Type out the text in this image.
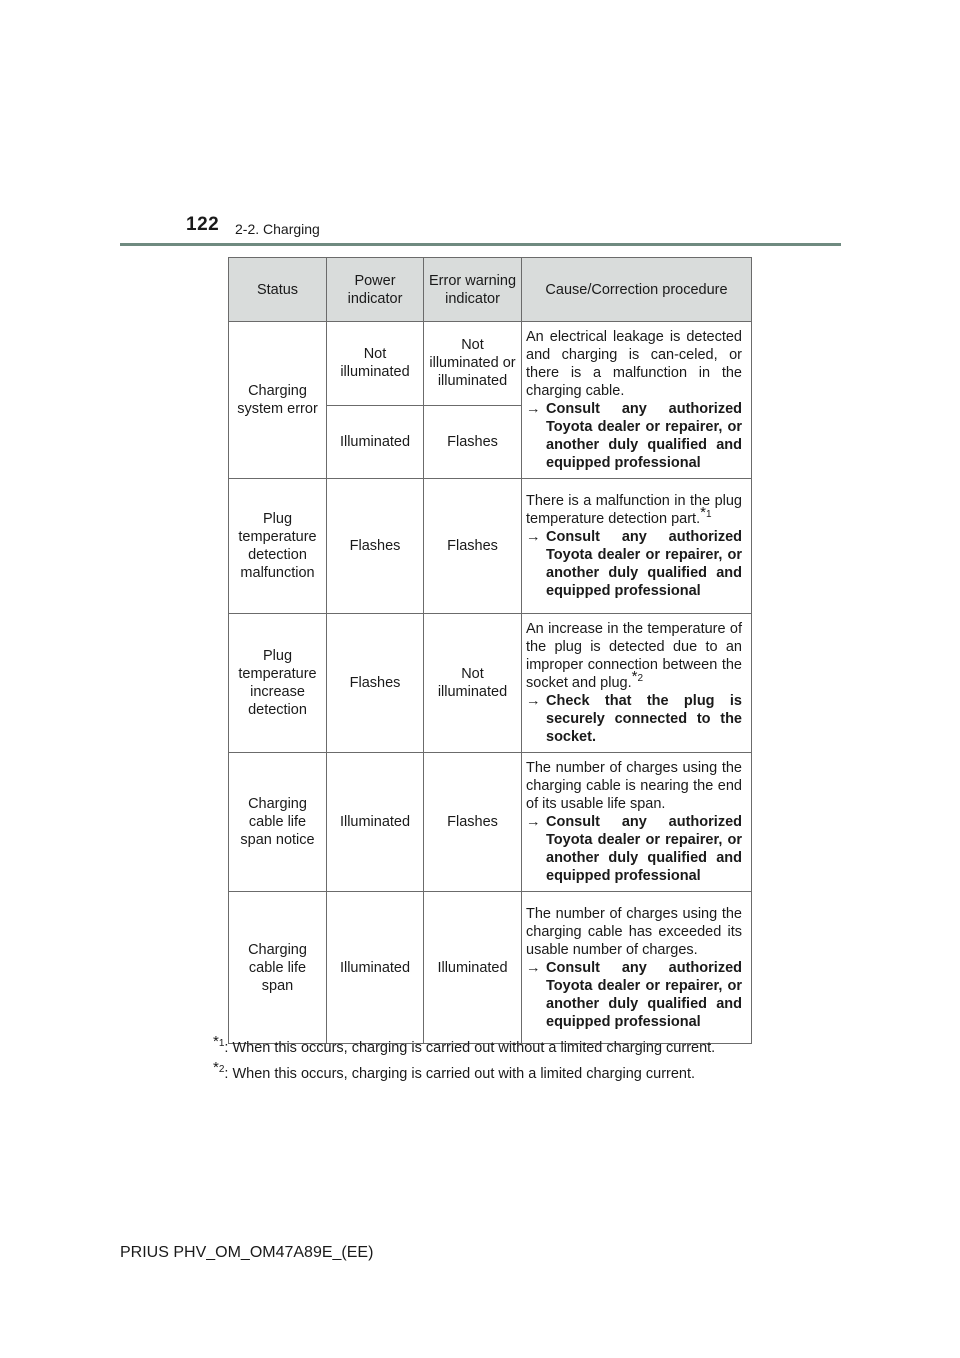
122 2-2. Charging
Status	Power indicator	Error warning indicator	Cause/Correction procedure
Charging system error	Not illuminated	Not illuminated or illuminated	An electrical leakage is detected and charging is can-celed, or there is a malfunction in the charging cable.
→ Consult any authorized Toyota dealer or repairer, or another duly qualified and equipped professional

	Illuminated	Flashes	
Plug temperature detection malfunction	Flashes	Flashes	There is a malfunction in the plug temperature detection part.$^{*1}$
→ Consult any authorized Toyota dealer or repairer, or another duly qualified and equipped professional

Plug temperature increase detection	Flashes	Not illuminated	An increase in the temperature of the plug is detected due to an improper connection between the socket and plug.$^{*2}$
→ Check that the plug is securely connected to the socket.

Charging cable life span notice	Illuminated	Flashes	The number of charges using the charging cable is nearing the end of its usable life span.
→ Consult any authorized Toyota dealer or repairer, or another duly qualified and equipped professional

Charging cable life span	Illuminated	Illuminated	The number of charges using the charging cable has exceeded its usable number of charges.
→ Consult any authorized Toyota dealer or repairer, or another duly qualified and equipped professional
$^{*1}$: When this occurs, charging is carried out without a limited charging current.
$^{*2}$: When this occurs, charging is carried out with a limited charging current.
PRIUS PHV_OM_OM47A89E_(EE)
